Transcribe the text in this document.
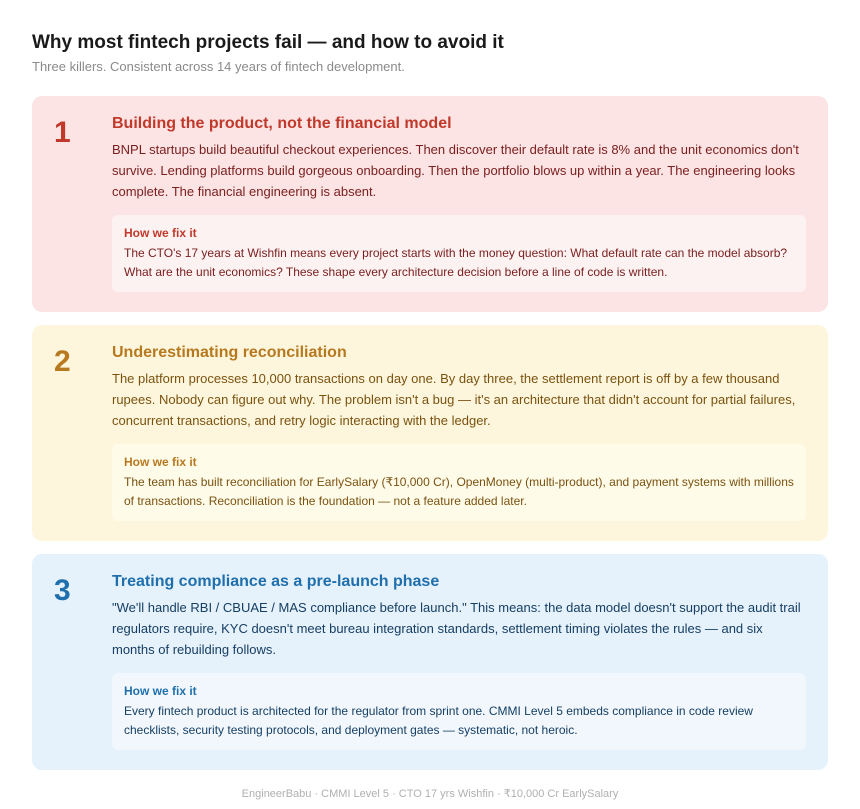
Why most fintech projects fail — and how to avoid it
Three killers. Consistent across 14 years of fintech development.
1	Building the product, not the financial model
BNPL startups build beautiful checkout experiences. Then discover their default rate is 8% and the unit economics don't survive. Lending platforms build gorgeous onboarding. Then the portfolio blows up within a year. The engineering looks complete. The financial engineering is absent.
How we fix it
The CTO's 17 years at Wishfin means every project starts with the money question: What default rate can the model absorb? What are the unit economics? These shape every architecture decision before a line of code is written.
2	Underestimating reconciliation
The platform processes 10,000 transactions on day one. By day three, the settlement report is off by a few thousand rupees. Nobody can figure out why. The problem isn't a bug — it's an architecture that didn't account for partial failures, concurrent transactions, and retry logic interacting with the ledger.
How we fix it
The team has built reconciliation for EarlySalary (₹10,000 Cr), OpenMoney (multi-product), and payment systems with millions of transactions. Reconciliation is the foundation — not a feature added later.
3	Treating compliance as a pre-launch phase
"We'll handle RBI / CBUAE / MAS compliance before launch." This means: the data model doesn't support the audit trail regulators require, KYC doesn't meet bureau integration standards, settlement timing violates the rules — and six months of rebuilding follows.
How we fix it
Every fintech product is architected for the regulator from sprint one. CMMI Level 5 embeds compliance in code review checklists, security testing protocols, and deployment gates — systematic, not heroic.
EngineerBabu · CMMI Level 5 · CTO 17 yrs Wishfin · ₹10,000 Cr EarlySalary
